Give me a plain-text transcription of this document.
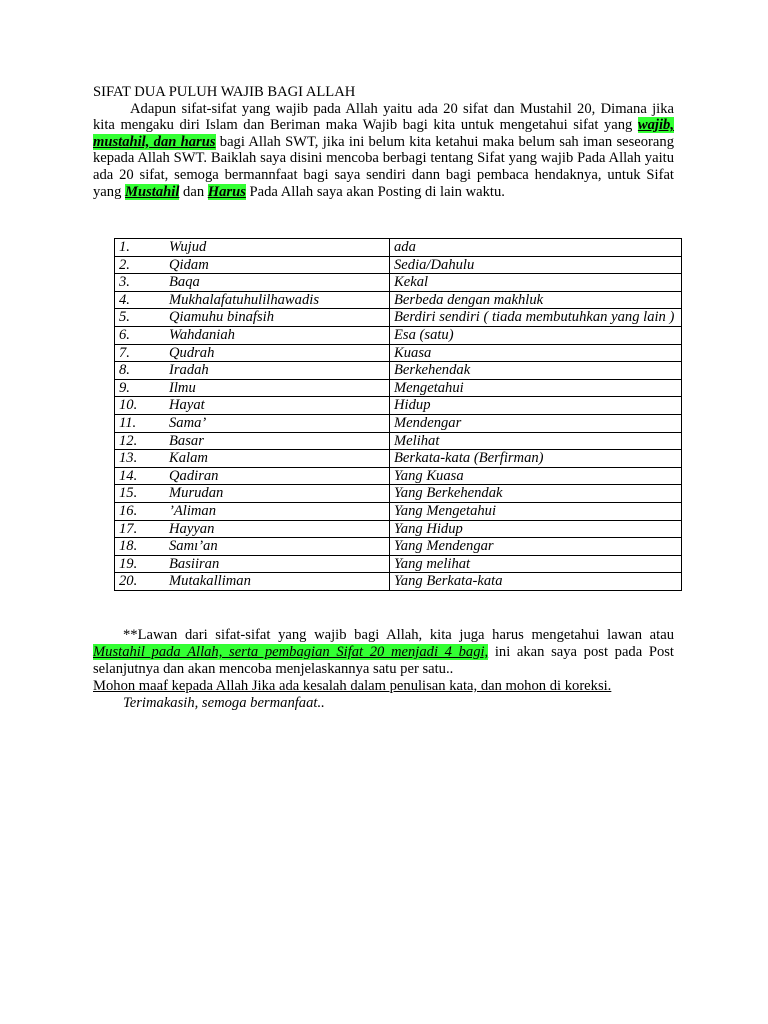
SIFAT DUA PULUH WAJIB BAGI ALLAH

Adapun sifat-sifat yang wajib pada Allah yaitu ada 20 sifat dan Mustahil 20, Dimana jika kita mengaku diri Islam dan Beriman maka Wajib bagi kita untuk mengetahui sifat yang wajib, mustahil, dan harus bagi Allah SWT, jika ini belum kita ketahui maka belum sah iman seseorang kepada Allah SWT. Baiklah saya disini mencoba berbagi tentang Sifat yang wajib Pada Allah yaitu ada 20 sifat, semoga bermannfaat bagi saya sendiri dann bagi pembaca hendaknya, untuk Sifat yang Mustahil dan Harus Pada Allah saya akan Posting di lain waktu.

1.	Wujud	ada
2.	Qidam	Sedia/Dahulu
3.	Baqa	Kekal
4.	Mukhalafatuhulilhawadis	Berbeda dengan makhluk
5.	Qiamuhu binafsih	Berdiri sendiri ( tiada membutuhkan yang lain )
6.	Wahdaniah	Esa (satu)
7.	Qudrah	Kuasa
8.	Iradah	Berkehendak
9.	Ilmu	Mengetahui
10.	Hayat	Hidup
11.	Sama’	Mendengar
12.	Basar	Melihat
13.	Kalam	Berkata-kata (Berfirman)
14.	Qadiran	Yang Kuasa
15.	Murudan	Yang Berkehendak
16.	’Aliman	Yang Mengetahui
17.	Hayyan	Yang Hidup
18.	Samı’an	Yang Mendengar
19.	Basiiran	Yang melihat
20.	Mutakalliman	Yang Berkata-kata

**Lawan dari sifat-sifat yang wajib bagi Allah, kita juga harus mengetahui lawan atau Mustahil pada Allah, serta pembagian Sifat 20 menjadi 4 bagi, ini akan saya post pada Post selanjutnya dan akan mencoba menjelaskannya satu per satu..

Mohon maaf kepada Allah Jika ada kesalah dalam penulisan kata, dan mohon di koreksi.

Terimakasih, semoga bermanfaat..
